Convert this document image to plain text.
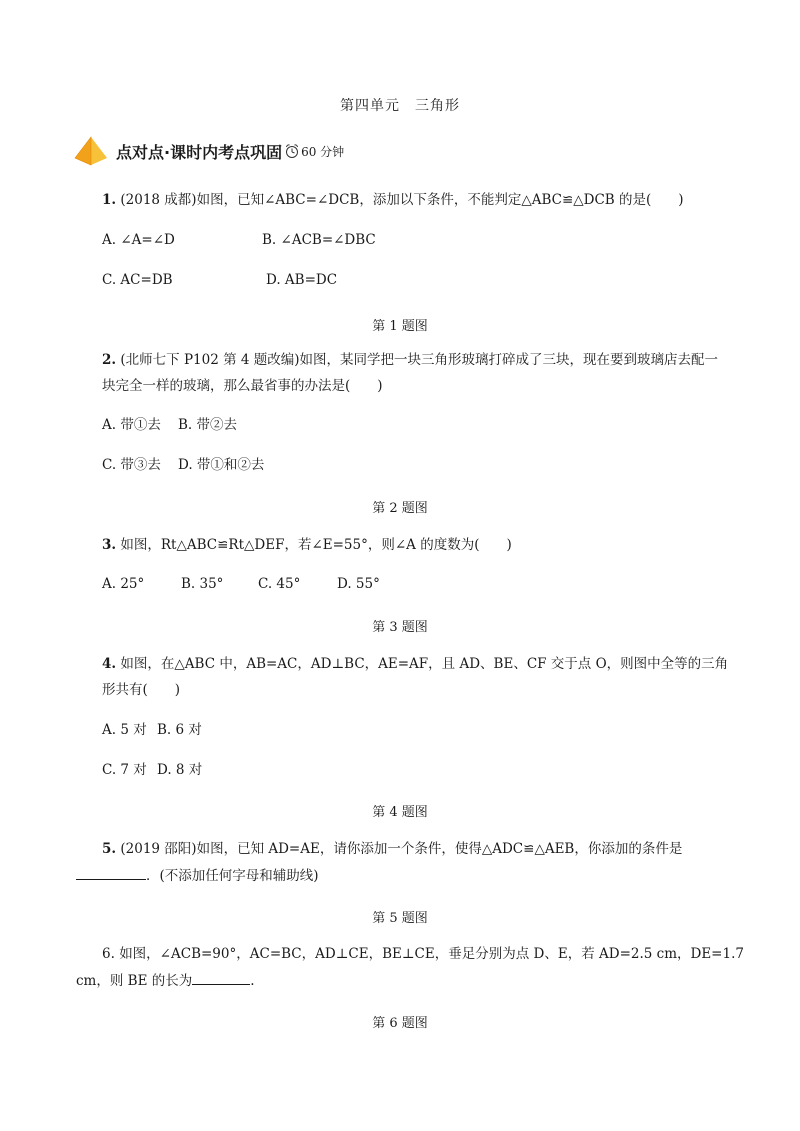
第四单元　三角形
点对点·课时内考点巩固 60 分钟
1. (2018 成都)如图，已知∠ABC=∠DCB，添加以下条件，不能判定△ABC≌△DCB 的是(　　)
A. ∠A=∠D	B. ∠ACB=∠DBC
C. AC=DB	D. AB=DC
第 1 题图
2. (北师七下 P102 第 4 题改编)如图，某同学把一块三角形玻璃打碎成了三块，现在要到玻璃店去配一
块完全一样的玻璃，那么最省事的办法是(　　)
A. 带①去 B. 带②去
C. 带③去 D. 带①和②去
第 2 题图
3. 如图，Rt△ABC≌Rt△DEF，若∠E=55°，则∠A 的度数为(　　)
A. 25°	B. 35°	C. 45°	D. 55°
第 3 题图
4. 如图，在△ABC 中，AB=AC，AD⊥BC，AE=AF，且 AD、BE、CF 交于点 O，则图中全等的三角
形共有(　　)
A. 5 对 B. 6 对
C. 7 对 D. 8 对
第 4 题图
5. (2019 邵阳)如图，已知 AD=AE，请你添加一个条件，使得△ADC≌△AEB，你添加的条件是
．(不添加任何字母和辅助线)
第 5 题图
6. 如图，∠ACB=90°，AC=BC，AD⊥CE，BE⊥CE，垂足分别为点 D、E，若 AD=2.5 cm，DE=1.7
cm，则 BE 的长为	.
第 6 题图
